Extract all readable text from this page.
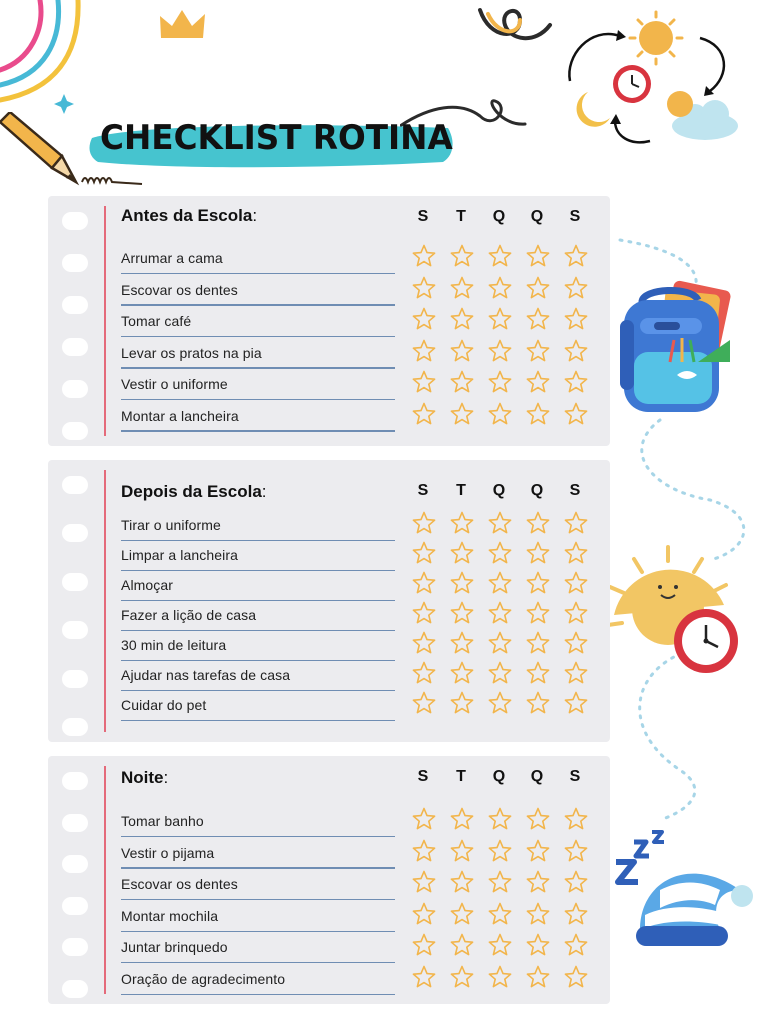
CHECKLIST ROTINA
Antes da Escola:	S	T	Q	Q	S
Arrumar a cama
Escovar os dentes
Tomar café
Levar os pratos na pia
Vestir o uniforme
Montar a lancheira
Depois da Escola:	S	T	Q	Q	S
Tirar o uniforme
Limpar a lancheira
Almoçar
Fazer a lição de casa
30 min de leitura
Ajudar nas tarefas de casa
Cuidar do pet
Noite:	S	T	Q	Q	S
Tomar banho
Vestir o pijama
Escovar os dentes
Montar mochila
Juntar brinquedo
Oração de agradecimento
